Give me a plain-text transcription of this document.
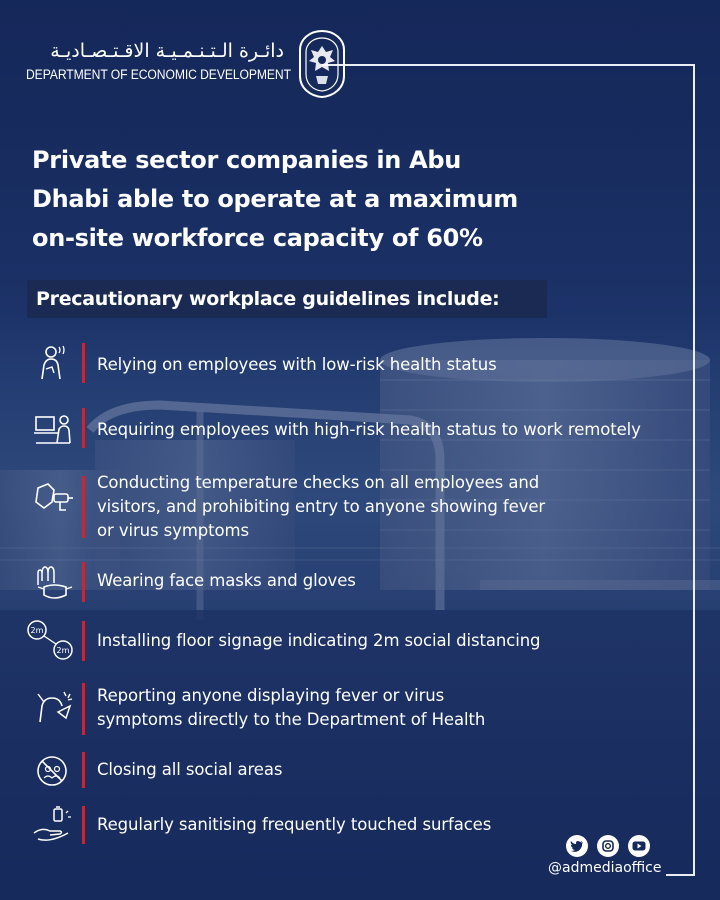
دائـرة الـتـنـمـيـة الاقـتـصـاديـة
DEPARTMENT OF ECONOMIC DEVELOPMENT
Private sector companies in Abu
Dhabi able to operate at a maximum
on-site workforce capacity of 60%
Precautionary workplace guidelines include:
Relying on employees with low-risk health status
Requiring employees with high-risk health status to work remotely
Conducting temperature checks on all employees and
visitors, and prohibiting entry to anyone showing fever
or virus symptoms
Wearing face masks and gloves
2m
2m
Installing floor signage indicating 2m social distancing
Reporting anyone displaying fever or virus
symptoms directly to the Department of Health
Closing all social areas
Regularly sanitising frequently touched surfaces
@admediaoffice
